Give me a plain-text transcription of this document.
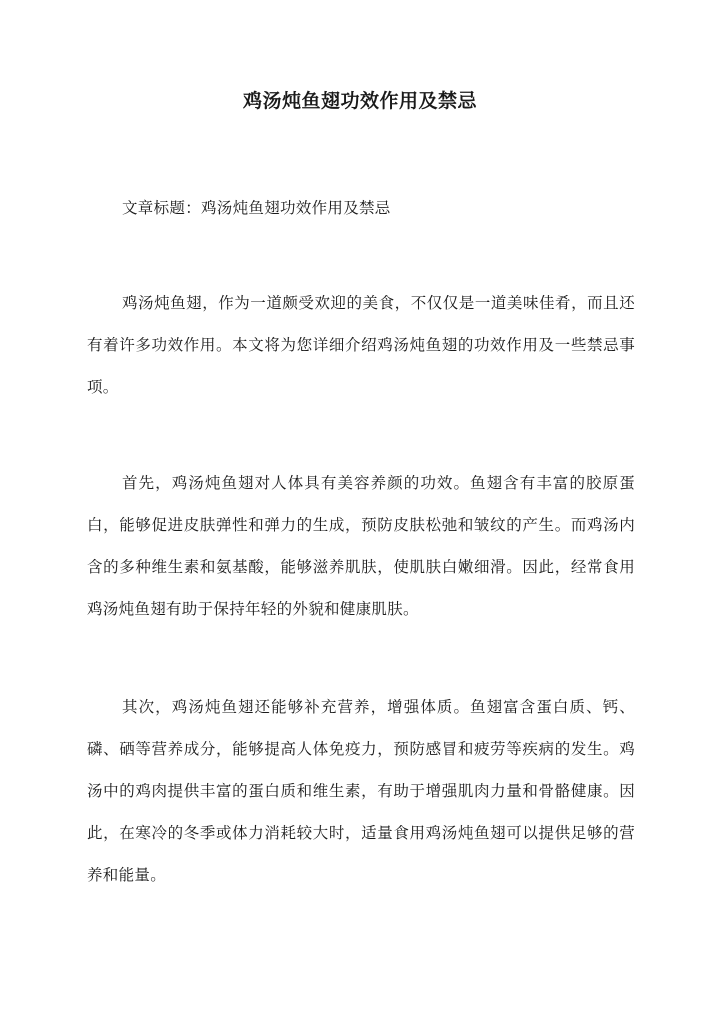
鸡汤炖鱼翅功效作用及禁忌

文章标题：鸡汤炖鱼翅功效作用及禁忌

鸡汤炖鱼翅，作为一道颇受欢迎的美食，不仅仅是一道美味佳肴，而且还有着许多功效作用。本文将为您详细介绍鸡汤炖鱼翅的功效作用及一些禁忌事项。

首先，鸡汤炖鱼翅对人体具有美容养颜的功效。鱼翅含有丰富的胶原蛋白，能够促进皮肤弹性和弹力的生成，预防皮肤松弛和皱纹的产生。而鸡汤内含的多种维生素和氨基酸，能够滋养肌肤，使肌肤白嫩细滑。因此，经常食用鸡汤炖鱼翅有助于保持年轻的外貌和健康肌肤。

其次，鸡汤炖鱼翅还能够补充营养，增强体质。鱼翅富含蛋白质、钙、磷、硒等营养成分，能够提高人体免疫力，预防感冒和疲劳等疾病的发生。鸡汤中的鸡肉提供丰富的蛋白质和维生素，有助于增强肌肉力量和骨骼健康。因此，在寒冷的冬季或体力消耗较大时，适量食用鸡汤炖鱼翅可以提供足够的营养和能量。
